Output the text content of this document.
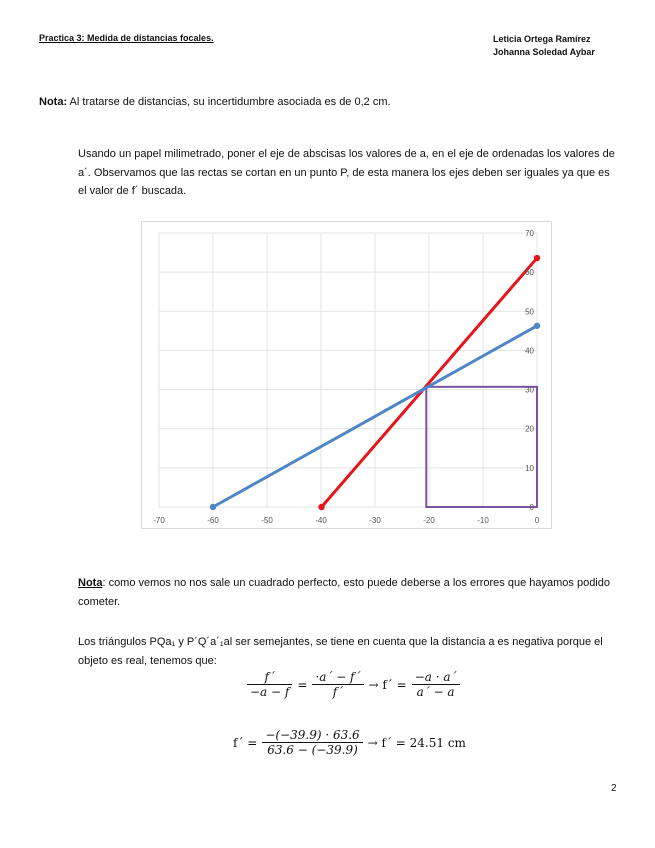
Practica 3: Medida de distancias focales.	Leticia Ortega Ramírez
Johanna Soledad Aybar
Nota: Al tratarse de distancias, su incertidumbre asociada es de 0,2 cm.
Usando un papel milimetrado, poner el eje de abscisas los valores de a, en el eje de ordenadas los valores de a´. Observamos que las rectas se cortan en un punto P, de esta manera los ejes deben ser iguales ya que es el valor de f´ buscada.
-70	-60	-50	-40	-30	-20	-10	0
0
10
20
30
40
50
60
70
Nota: como vemos no nos sale un cuadrado perfecto, esto puede deberse a los errores que hayamos podido cometer.
Los triángulos PQa₁ y P´Q´a´₁al ser semejantes, se tiene en cuenta que la distancia a es negativa porque el objeto es real, tenemos que:
$\frac{f´}{-a - f} = \frac{\cdot a´ - f´}{f´}$ → f´ = $\frac{-a \cdot a´}{a´ - a}$
f´ = $\frac{-(-39.9) \cdot 63.6}{63.6 - (-39.9)}$ → f´ = 24.51 cm
2
